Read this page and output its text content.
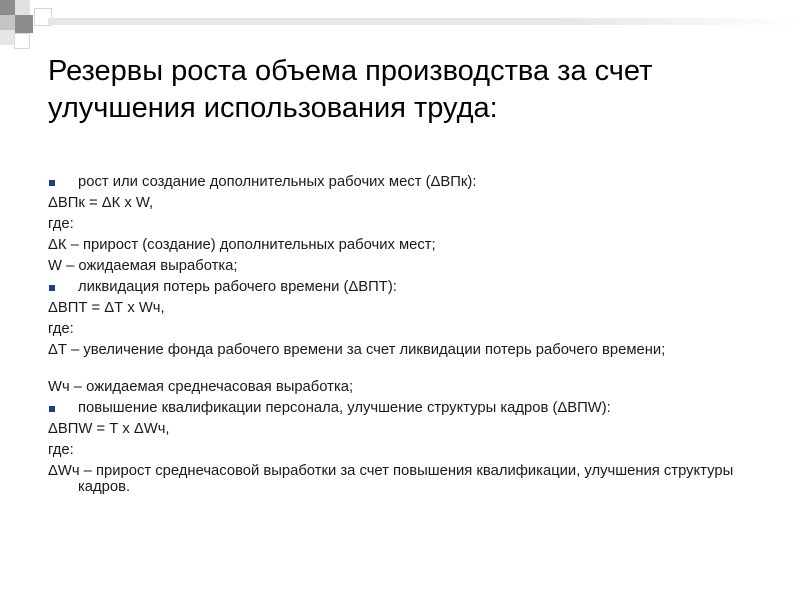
Резервы роста объема производства за счет улучшения использования труда:
рост или создание дополнительных рабочих мест (ΔВПк):
ΔВПк = ΔК х W,
где:
ΔК – прирост (создание) дополнительных рабочих мест;
W – ожидаемая выработка;
ликвидация потерь рабочего времени (ΔВПТ):
ΔВПТ = ΔТ х Wч,
где:
ΔТ – увеличение фонда рабочего времени за счет ликвидации потерь рабочего времени;
Wч – ожидаемая среднечасовая выработка;
повышение квалификации персонала, улучшение структуры кадров (ΔВПW):
ΔВПW = Т х ΔWч,
где:
ΔWч – прирост среднечасовой выработки за счет повышения квалификации, улучшения структуры кадров.
